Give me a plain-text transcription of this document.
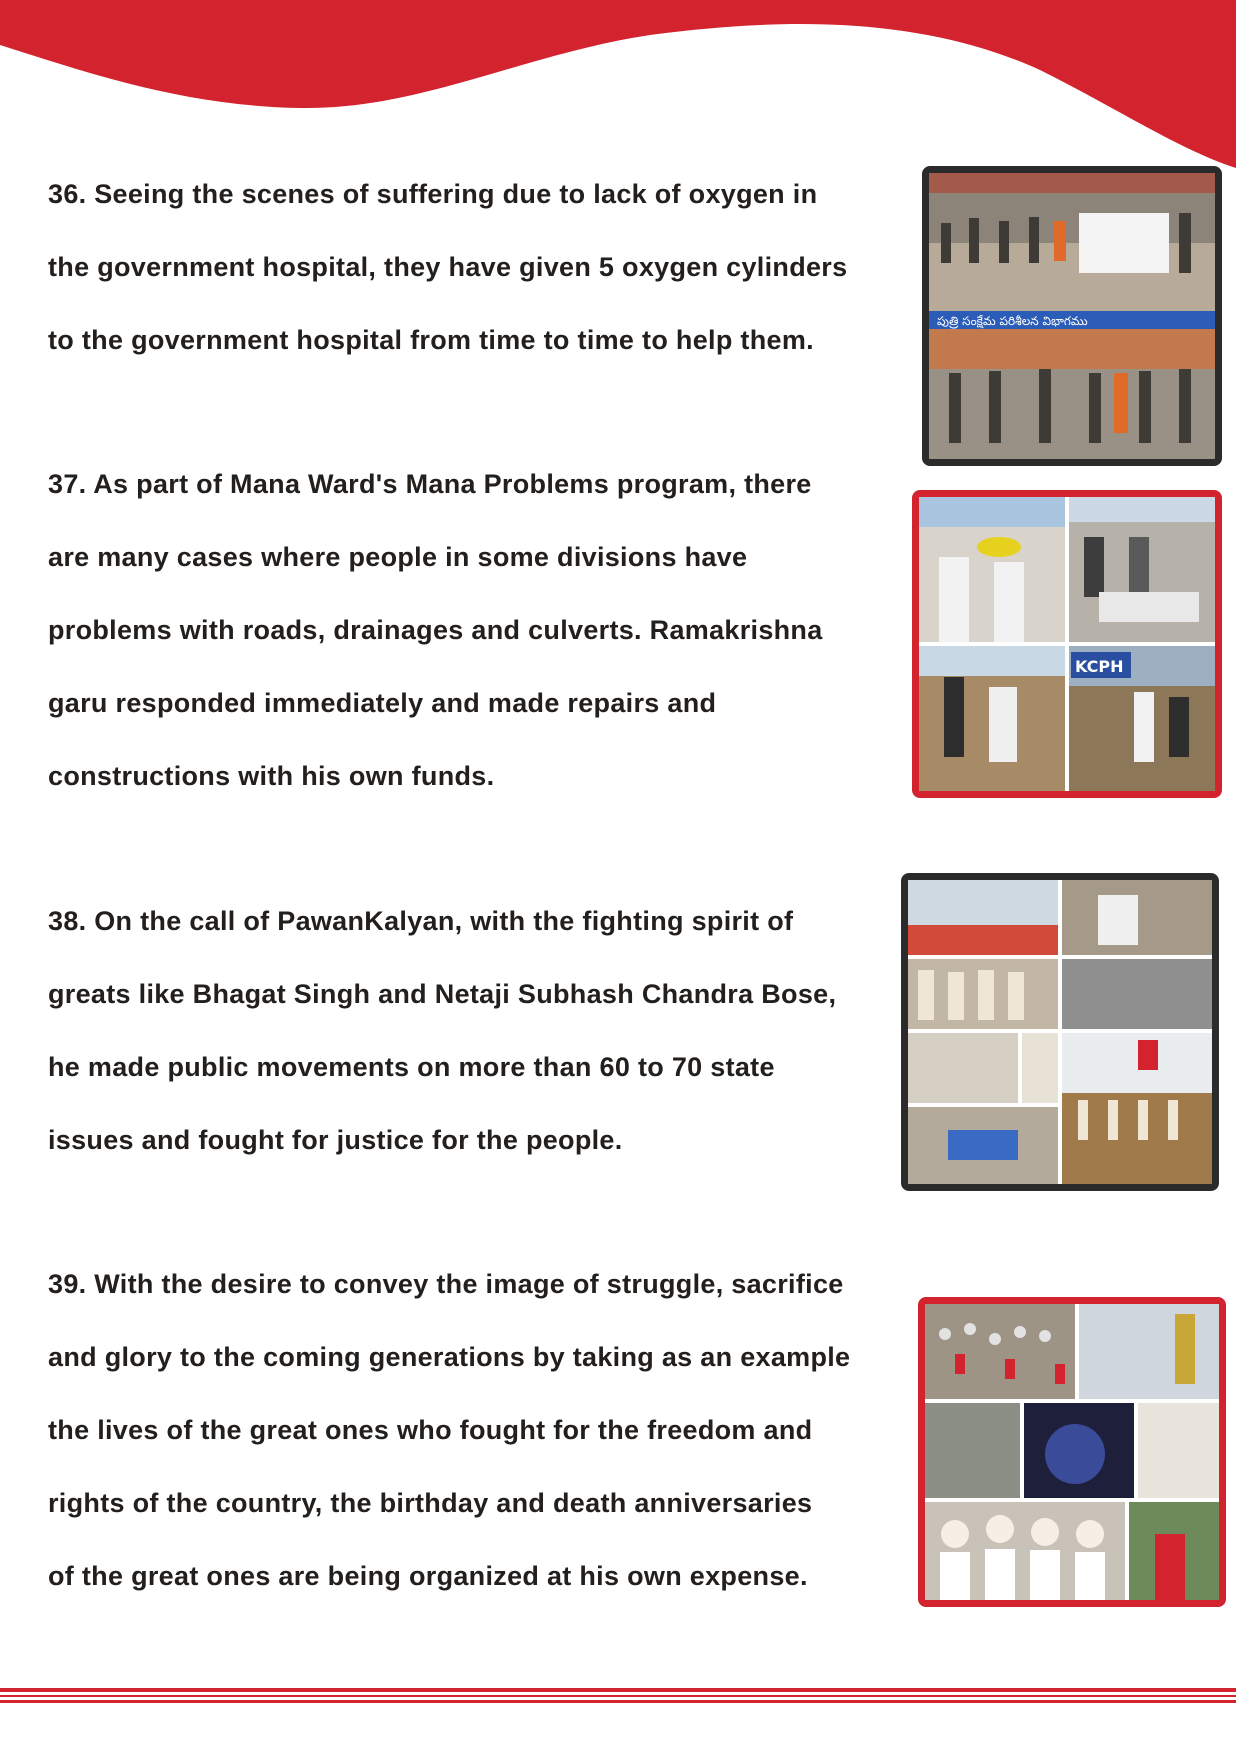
36. Seeing the scenes of suffering due to lack of oxygen in
the government hospital, they have given 5 oxygen cylinders
to the government hospital from time to time to help them.
పుత్రి సంక్షేమ పరిశీలన విభాగము
37. As part of Mana Ward's Mana Problems program, there
are many cases where people in some divisions have
problems with roads, drainages and culverts. Ramakrishna
garu responded immediately and made repairs and
constructions with his own funds.
KCPH
38. On the call of PawanKalyan, with the fighting spirit of
greats like Bhagat Singh and Netaji Subhash Chandra Bose,
he made public movements on more than 60 to 70 state
issues and fought for justice for the people.
39. With the desire to convey the image of struggle, sacrifice
and glory to the coming generations by taking as an example
the lives of the great ones who fought for the freedom and
rights of the country, the birthday and death anniversaries
of the great ones are being organized at his own expense.
